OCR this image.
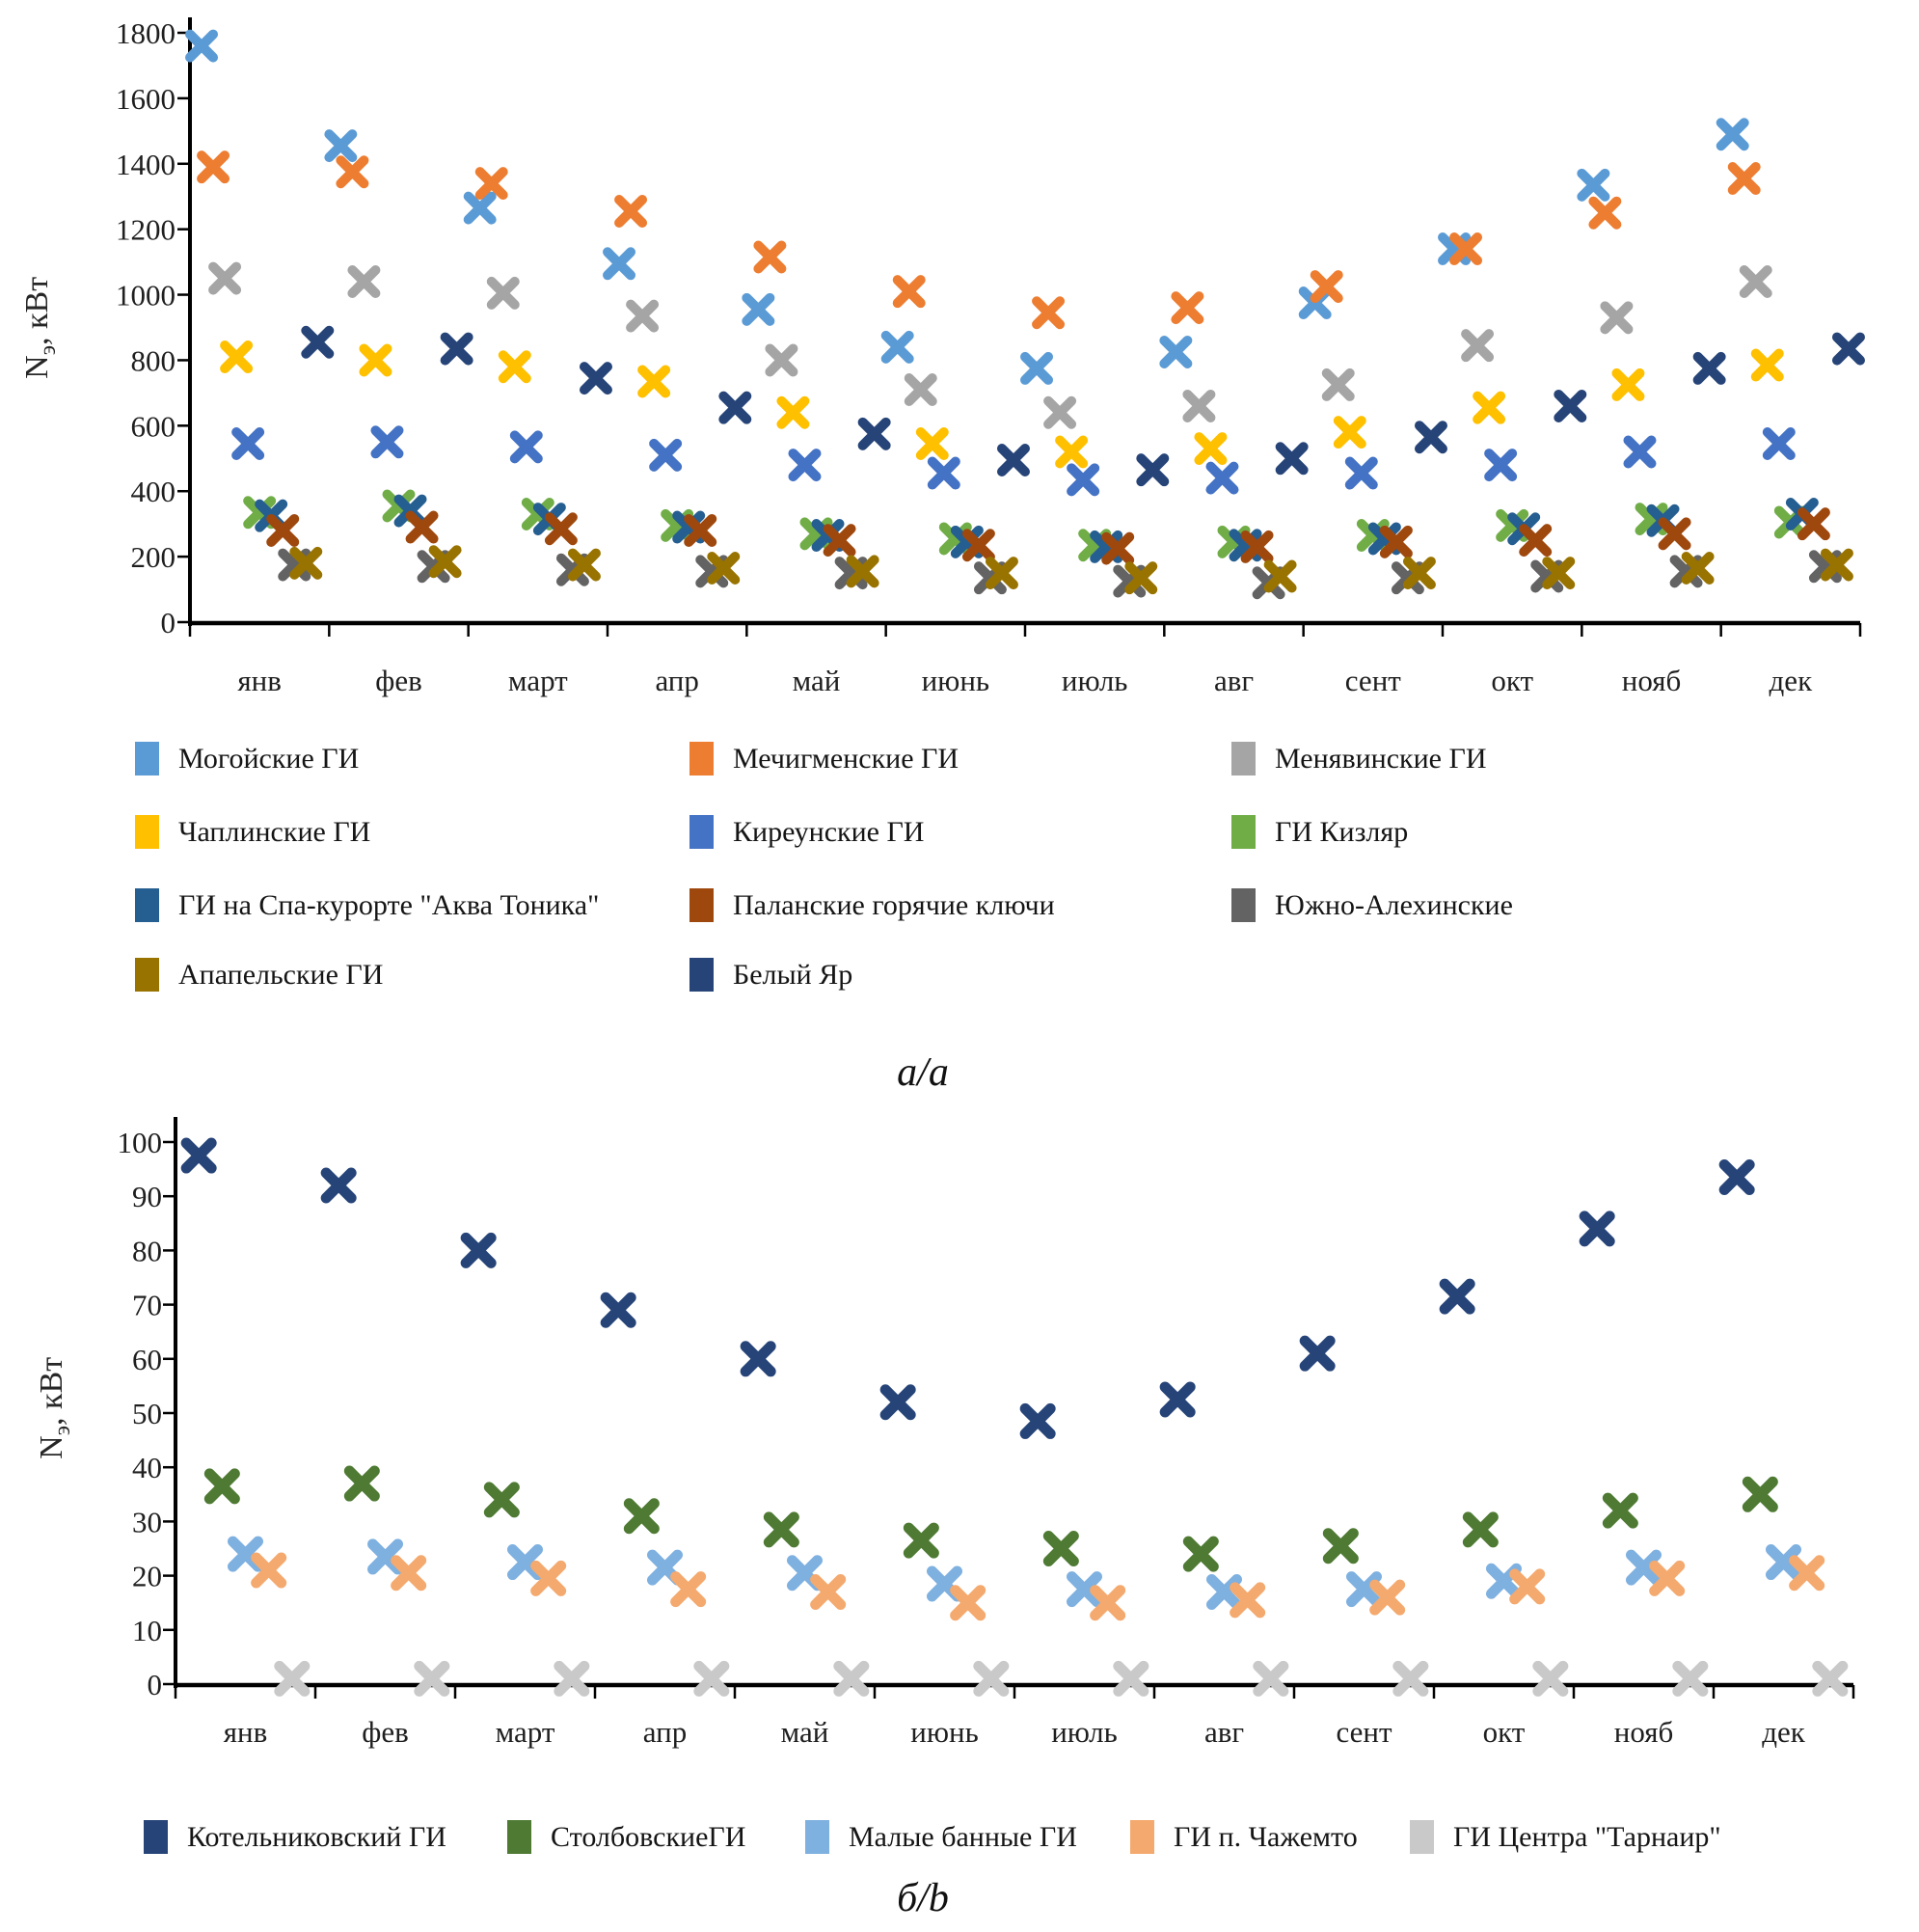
0
200
400
600
800
1000
1200
1400
1600
1800
янв	фев	март	апр	май	июнь июль	авг	сент	окт	нояб	дек
0
10
20
30
40
50
60
70
80
90
100
янв	фев	март	апр	май	июнь июль	авг	сент	окт	нояб	дек
$N_э$, кВт
$N_э$, кВт
Могойские ГИ	Мечигменские ГИ	Менявинские ГИ
Чаплинские ГИ	Киреунские ГИ	ГИ Кизляр
ГИ на Спа-курорте "Аква Тоника"	Паланские горячие ключи	Южно-Алехинские
Апапельские ГИ	Белый Яр
Котельниковский ГИ	СтолбовскиеГИ	Малые банные ГИ	ГИ п. Чажемто	ГИ Центра "Тарнаир"
а/а
б/b
